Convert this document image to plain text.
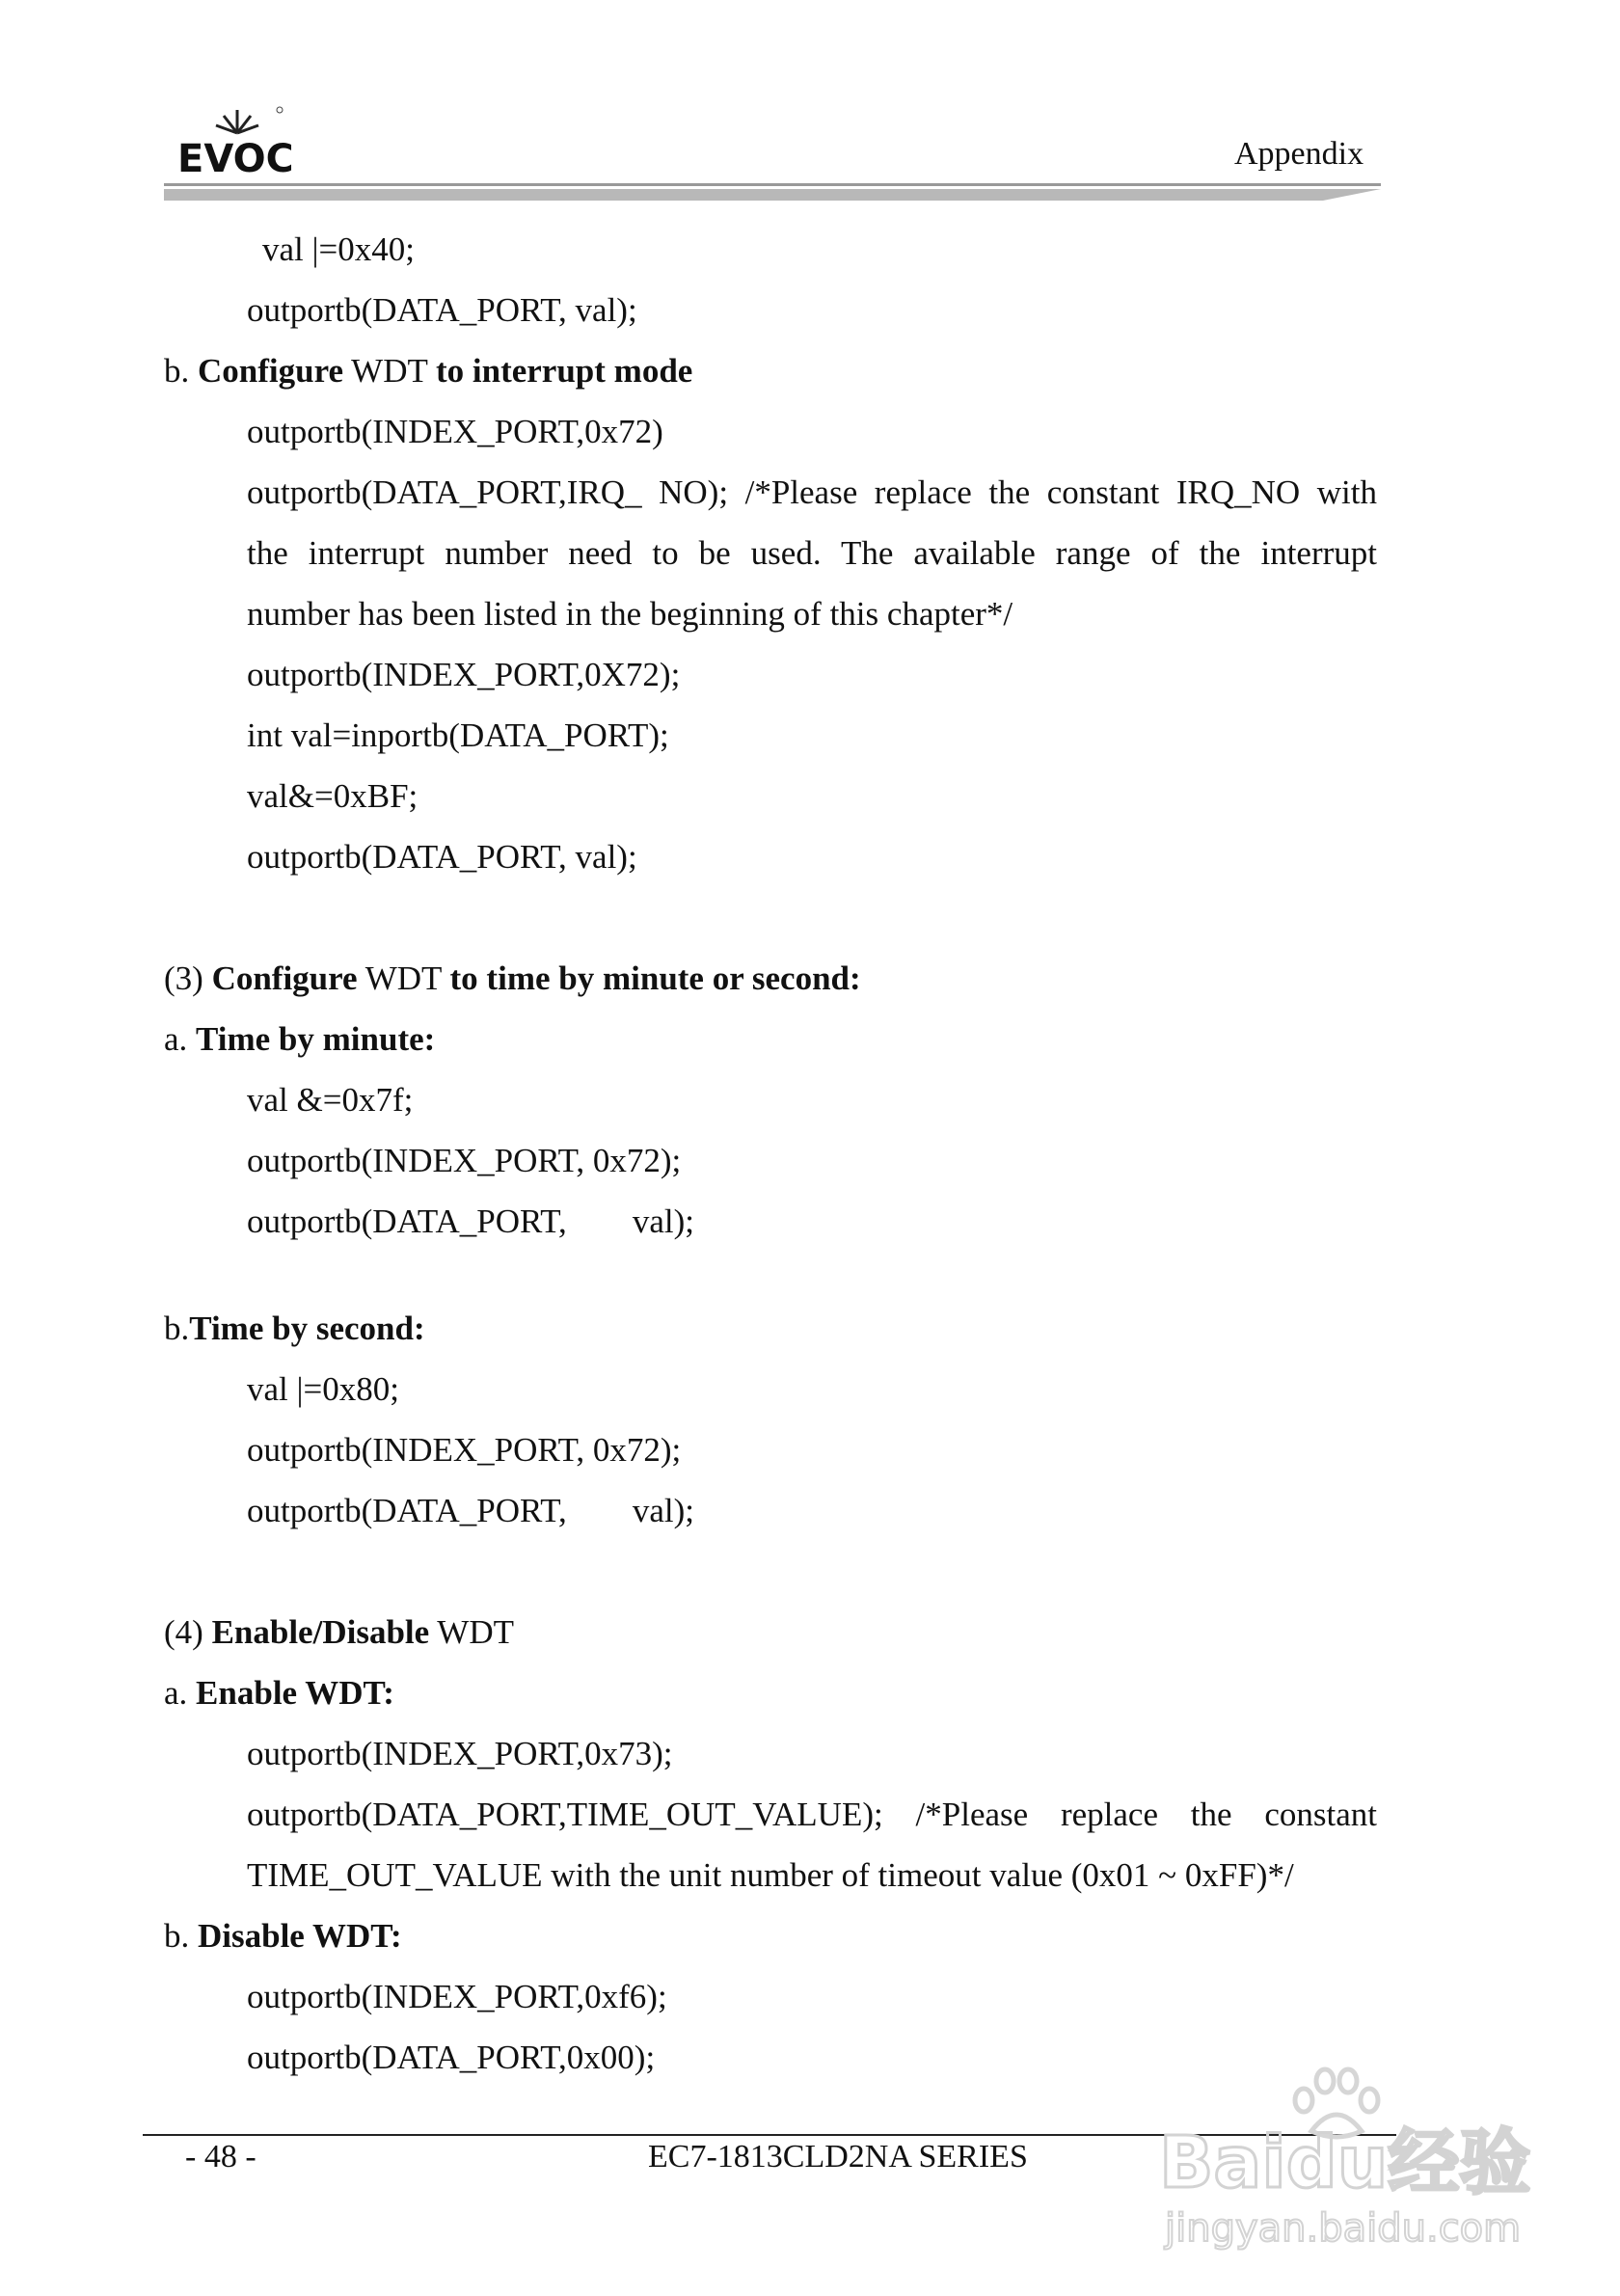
EVOC	Appendix
val |=0x40;
outportb(DATA_PORT, val);
b. Configure WDT to interrupt mode
outportb(INDEX_PORT,0x72)
outportb(DATA_PORT,IRQ_ NO); /*Please replace the constant IRQ_NO with
the interrupt number need to be used. The available range of the interrupt
number has been listed in the beginning of this chapter*/
outportb(INDEX_PORT,0X72);
int val=inportb(DATA_PORT);
val&=0xBF;
outportb(DATA_PORT, val);
(3) Configure WDT to time by minute or second:
a. Time by minute:
val &=0x7f;
outportb(INDEX_PORT, 0x72);
outportb(DATA_PORT, val);
b.Time by second:
val |=0x80;
outportb(INDEX_PORT, 0x72);
outportb(DATA_PORT, val);
(4) Enable/Disable WDT
a. Enable WDT:
outportb(INDEX_PORT,0x73);
outportb(DATA_PORT,TIME_OUT_VALUE); /*Please replace the constant
TIME_OUT_VALUE with the unit number of timeout value (0x01 ~ 0xFF)*/
b. Disable WDT:
outportb(INDEX_PORT,0xf6);
outportb(DATA_PORT,0x00);
- 48 -	EC7-1813CLD2NA SERIES Baidu经验
jingyan.baidu.com
